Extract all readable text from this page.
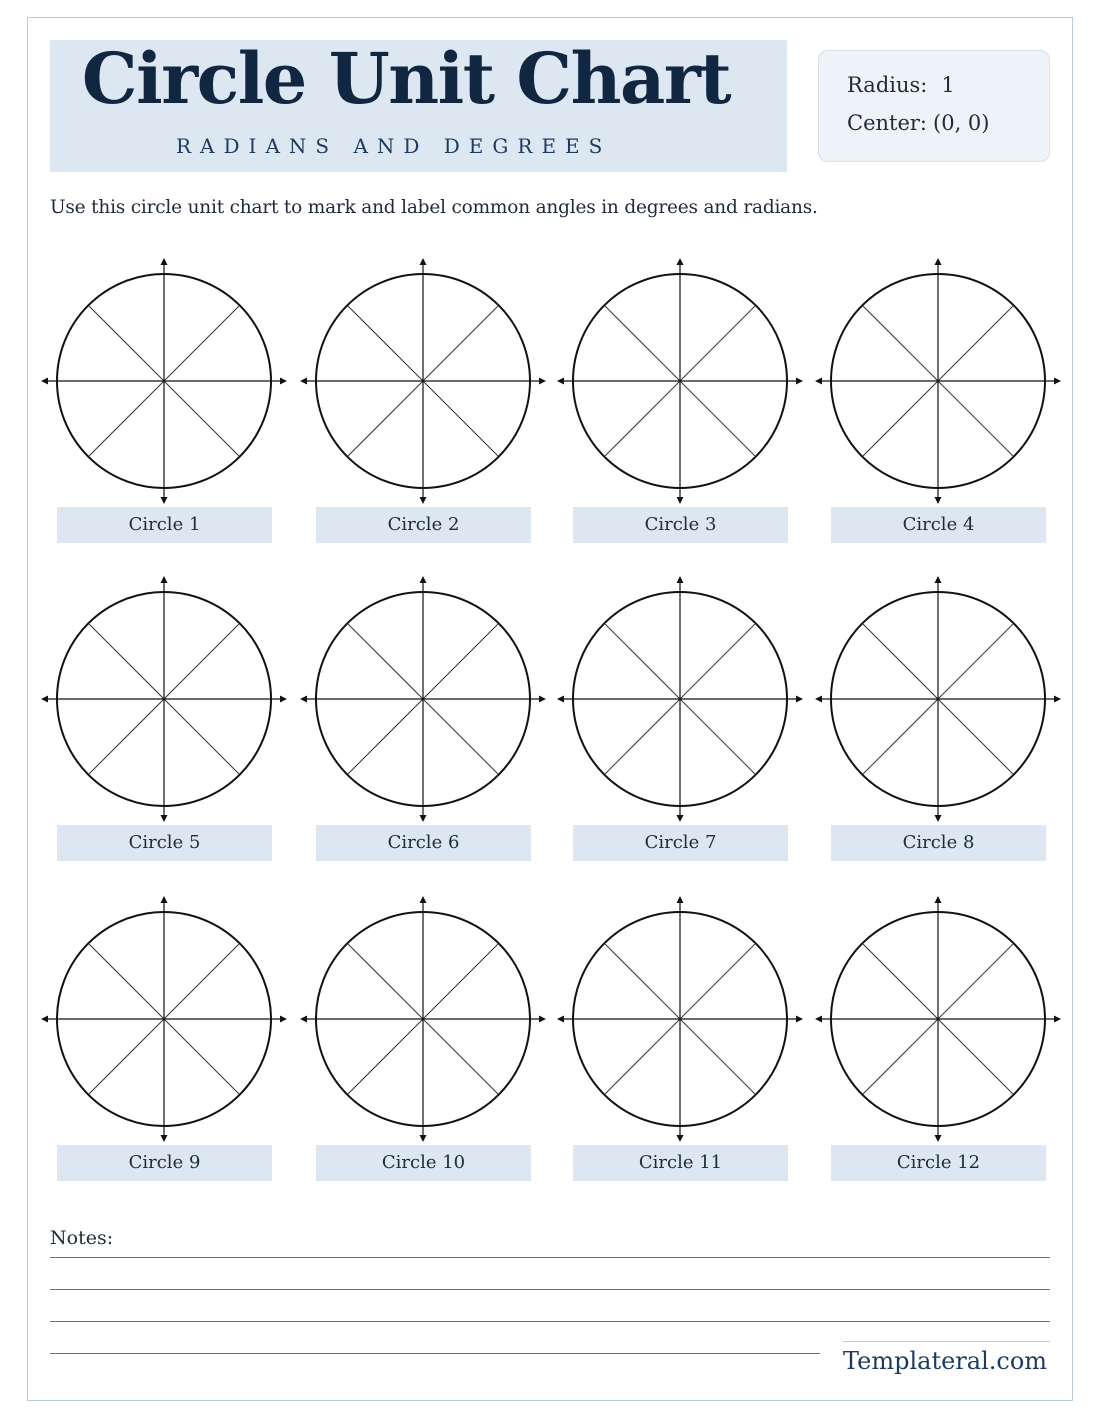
Circle Unit Chart
RADIANS AND DEGREES
Radius: 1
Center: (0, 0)
Use this circle unit chart to mark and label common angles in degrees and radians.
Circle 1	Circle 2	Circle 3	Circle 4
Circle 5	Circle 6	Circle 7	Circle 8
Circle 9	Circle 10	Circle 11	Circle 12
Notes:
Templateral.com
